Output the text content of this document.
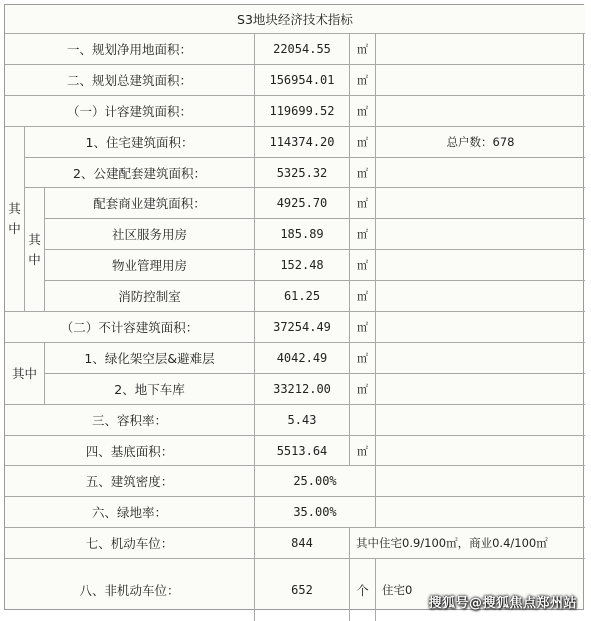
S3地块经济技术指标
一、规划净用地面积：	22054.55	㎡
二、规划总建筑面积：	156954.01	㎡
（一）计容建筑面积：	119699.52	㎡
其
中
1、住宅建筑面积：	114374.20	㎡	总户数：678
2、公建配套建筑面积：	5325.32	㎡
其
中
配套商业建筑面积：	4925.70	㎡
社区服务用房	185.89	㎡
物业管理用房	152.48	㎡
消防控制室	61.25	㎡
（二）不计容建筑面积：	37254.49	㎡
其中
1、绿化架空层&避难层	4042.49	㎡
2、地下车库	33212.00	㎡
三、容积率：	5.43
四、基底面积：	5513.64	㎡
五、建筑密度：	25.00%
六、绿地率：	35.00%
七、机动车位：	844	其中住宅0.9/100㎡，商业0.4/100㎡
八、非机动车位：	652	个	住宅0
搜狐号@搜狐焦点郑州站
